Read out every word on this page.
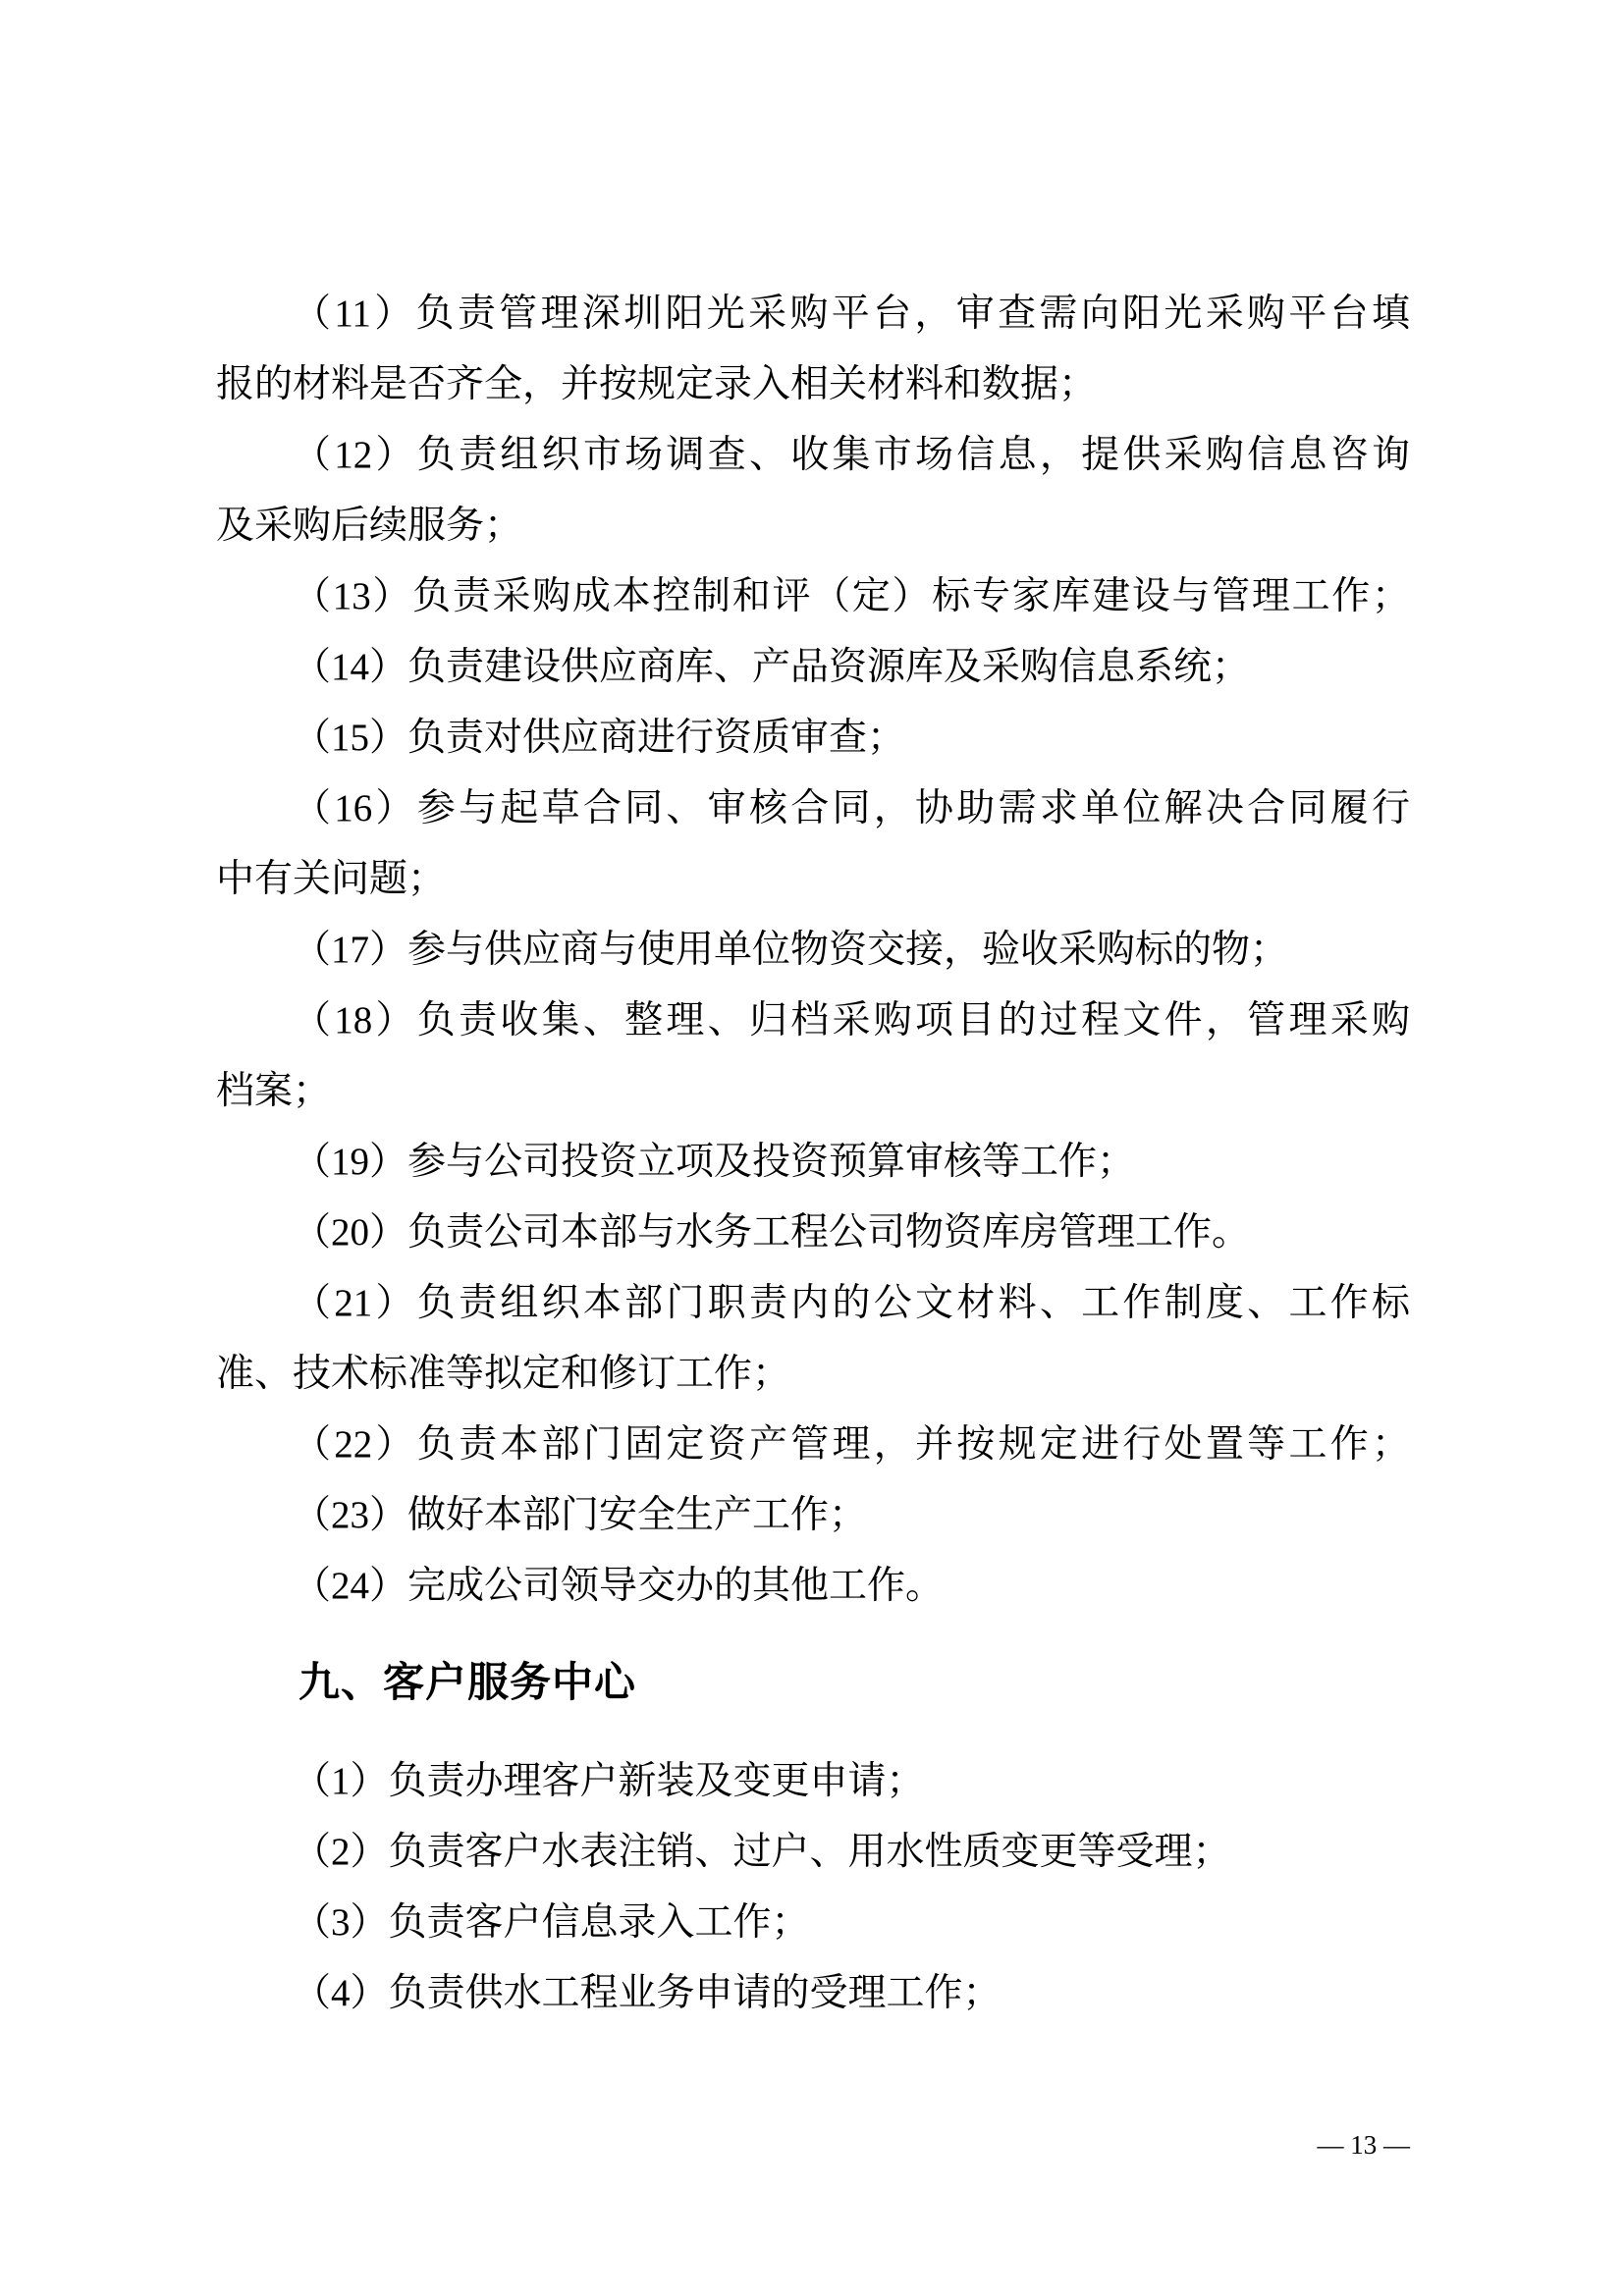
（11）负责管理深圳阳光采购平台，审查需向阳光采购平台填
报的材料是否齐全，并按规定录入相关材料和数据；
（12）负责组织市场调查、收集市场信息，提供采购信息咨询
及采购后续服务；
（13）负责采购成本控制和评（定）标专家库建设与管理工作；
（14）负责建设供应商库、产品资源库及采购信息系统；
（15）负责对供应商进行资质审查；
（16）参与起草合同、审核合同，协助需求单位解决合同履行
中有关问题；
（17）参与供应商与使用单位物资交接，验收采购标的物；
（18）负责收集、整理、归档采购项目的过程文件，管理采购
档案；
（19）参与公司投资立项及投资预算审核等工作；
（20）负责公司本部与水务工程公司物资库房管理工作。
（21）负责组织本部门职责内的公文材料、工作制度、工作标
准、技术标准等拟定和修订工作；
（22）负责本部门固定资产管理，并按规定进行处置等工作；
（23）做好本部门安全生产工作；
（24）完成公司领导交办的其他工作。
九、客户服务中心
（1）负责办理客户新装及变更申请；
（2）负责客户水表注销、过户、用水性质变更等受理；
（3）负责客户信息录入工作；
（4）负责供水工程业务申请的受理工作；
— 13 —
